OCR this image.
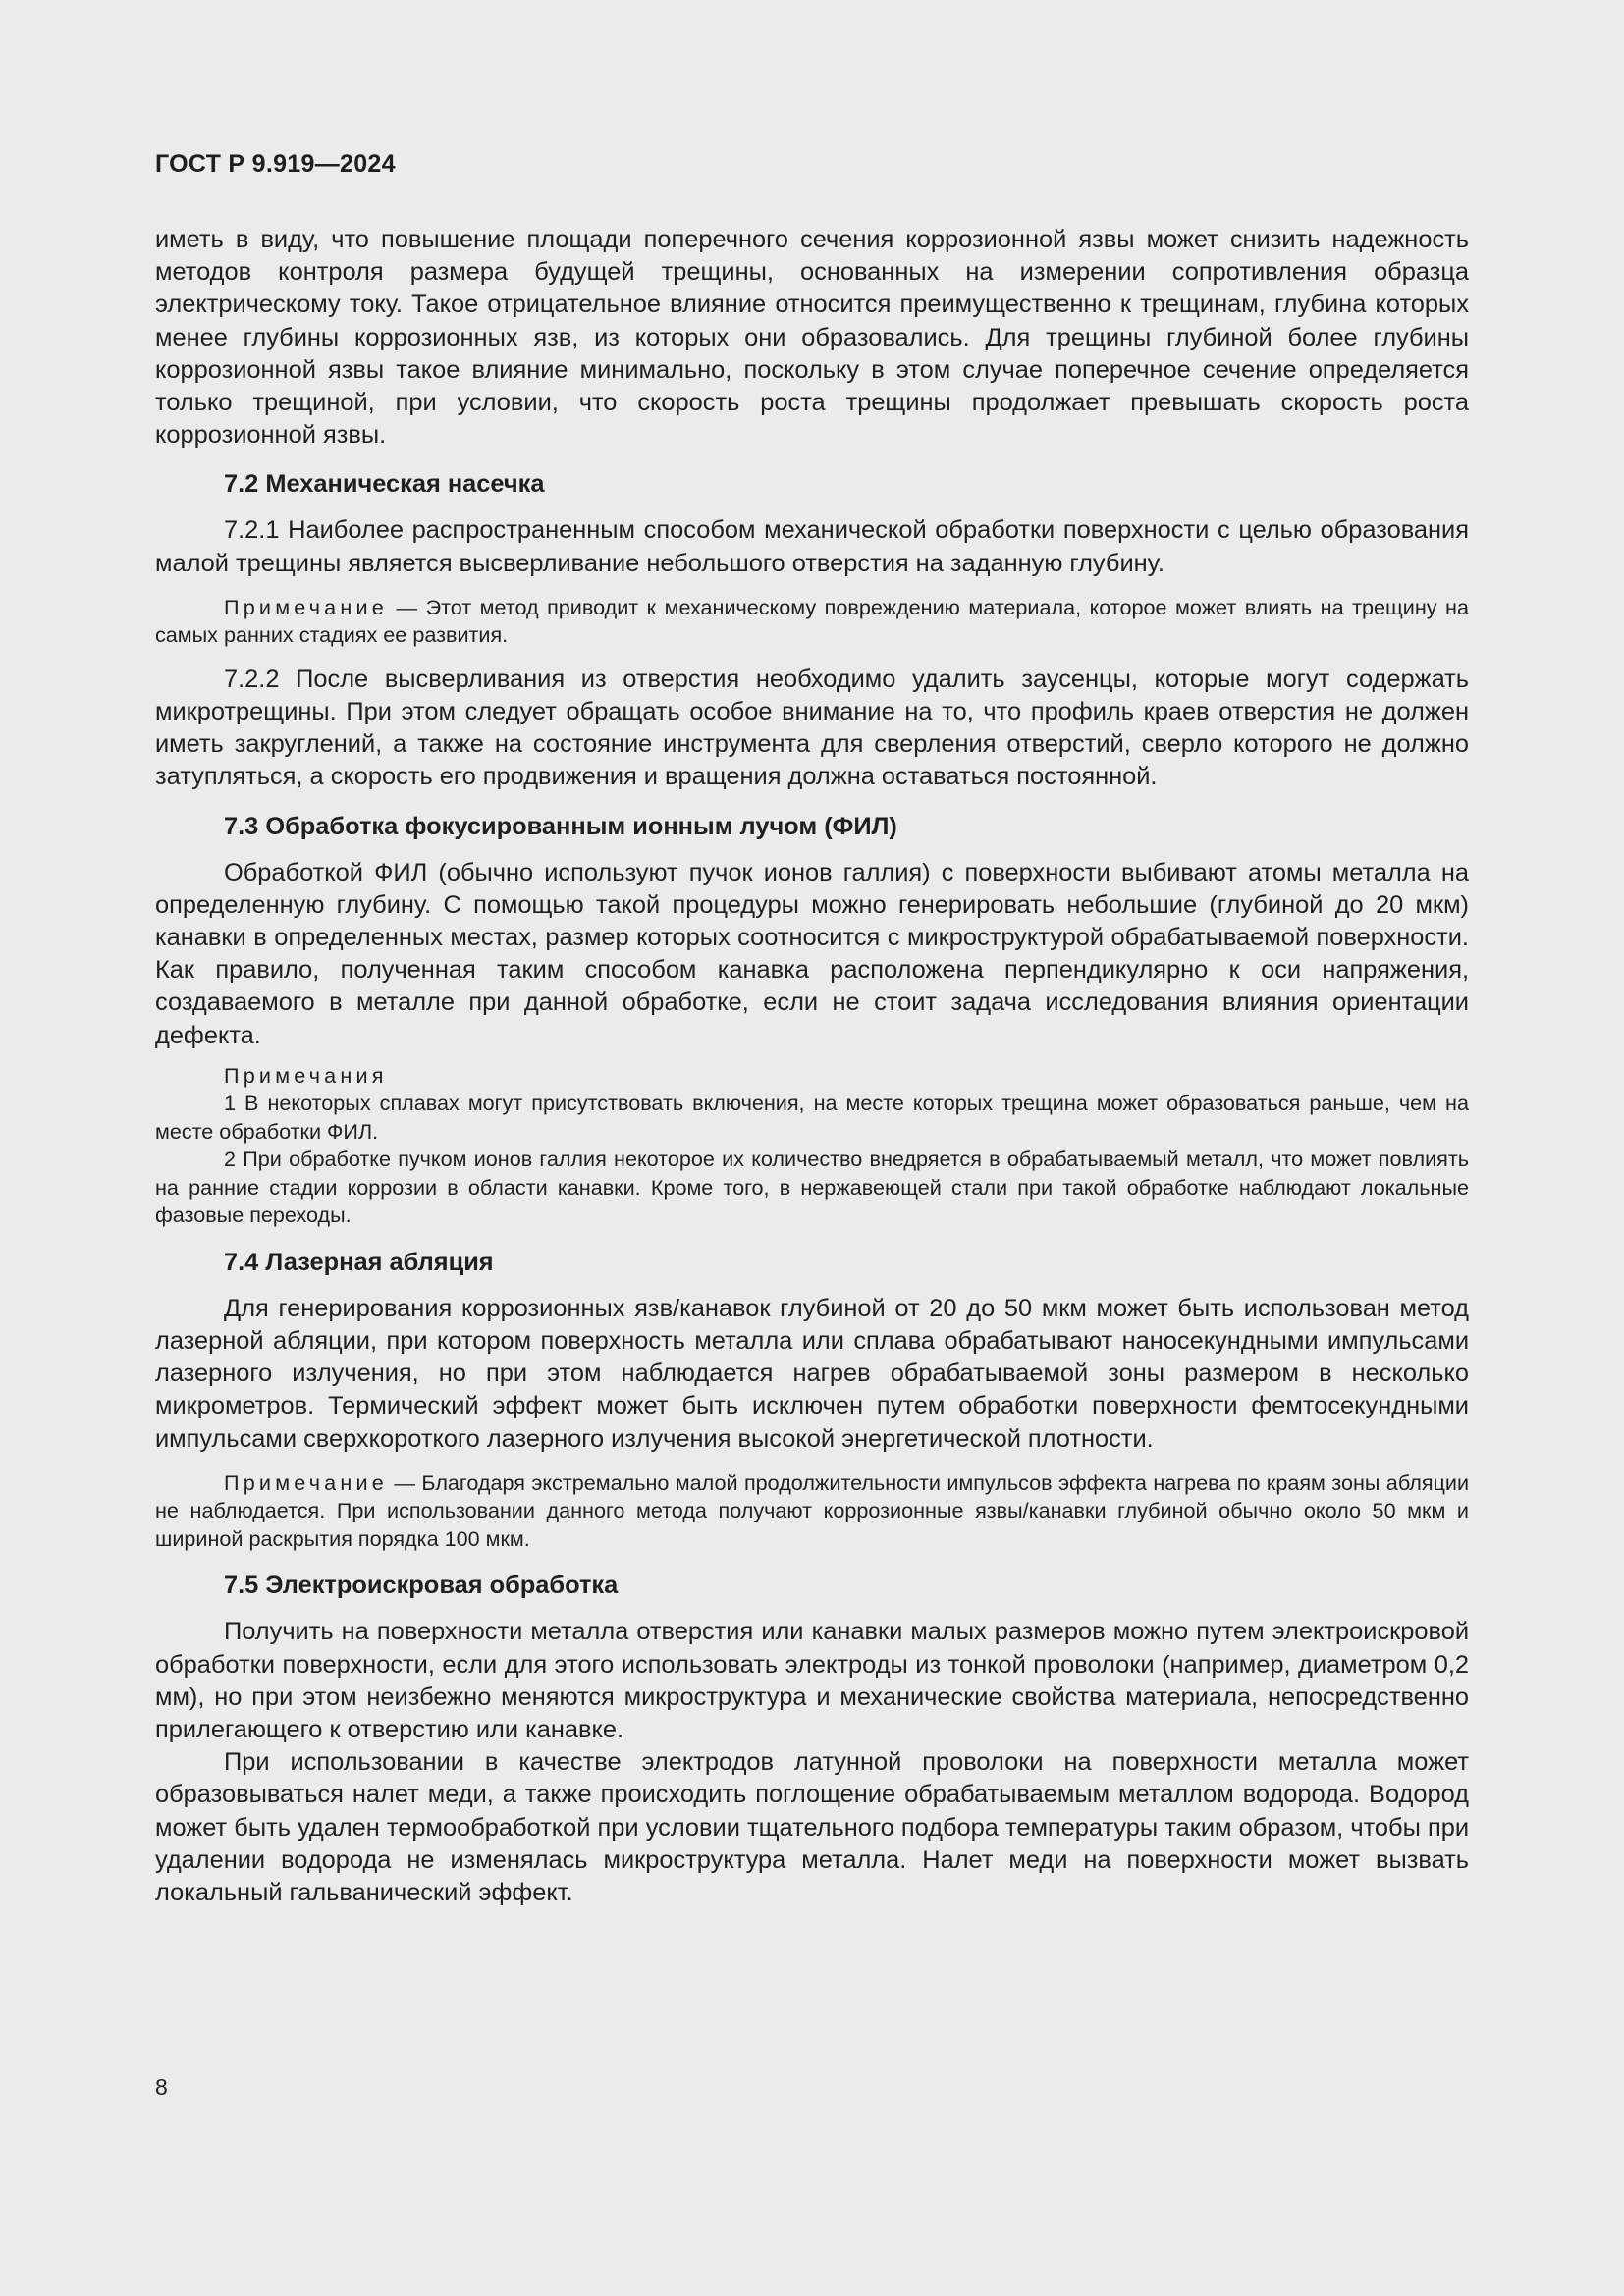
ГОСТ Р 9.919—2024

иметь в виду, что повышение площади поперечного сечения коррозионной язвы может снизить надежность методов контроля размера будущей трещины, основанных на измерении сопротивления образца электрическому току. Такое отрицательное влияние относится преимущественно к трещинам, глубина которых менее глубины коррозионных язв, из которых они образовались. Для трещины глубиной более глубины коррозионной язвы такое влияние минимально, поскольку в этом случае поперечное сечение определяется только трещиной, при условии, что скорость роста трещины продолжает превышать скорость роста коррозионной язвы.

7.2 Механическая насечка

7.2.1 Наиболее распространенным способом механической обработки поверхности с целью образования малой трещины является высверливание небольшого отверстия на заданную глубину.

Примечание — Этот метод приводит к механическому повреждению материала, которое может влиять на трещину на самых ранних стадиях ее развития.

7.2.2 После высверливания из отверстия необходимо удалить заусенцы, которые могут содержать микротрещины. При этом следует обращать особое внимание на то, что профиль краев отверстия не должен иметь закруглений, а также на состояние инструмента для сверления отверстий, сверло которого не должно затупляться, а скорость его продвижения и вращения должна оставаться постоянной.

7.3 Обработка фокусированным ионным лучом (ФИЛ)

Обработкой ФИЛ (обычно используют пучок ионов галлия) с поверхности выбивают атомы металла на определенную глубину. С помощью такой процедуры можно генерировать небольшие (глубиной до 20 мкм) канавки в определенных местах, размер которых соотносится с микроструктурой обрабатываемой поверхности. Как правило, полученная таким способом канавка расположена перпендикулярно к оси напряжения, создаваемого в металле при данной обработке, если не стоит задача исследования влияния ориентации дефекта.

Примечания

1 В некоторых сплавах могут присутствовать включения, на месте которых трещина может образоваться раньше, чем на месте обработки ФИЛ.

2 При обработке пучком ионов галлия некоторое их количество внедряется в обрабатываемый металл, что может повлиять на ранние стадии коррозии в области канавки. Кроме того, в нержавеющей стали при такой обработке наблюдают локальные фазовые переходы.

7.4 Лазерная абляция

Для генерирования коррозионных язв/канавок глубиной от 20 до 50 мкм может быть использован метод лазерной абляции, при котором поверхность металла или сплава обрабатывают наносекундными импульсами лазерного излучения, но при этом наблюдается нагрев обрабатываемой зоны размером в несколько микрометров. Термический эффект может быть исключен путем обработки поверхности фемтосекундными импульсами сверхкороткого лазерного излучения высокой энергетической плотности.

Примечание — Благодаря экстремально малой продолжительности импульсов эффекта нагрева по краям зоны абляции не наблюдается. При использовании данного метода получают коррозионные язвы/канавки глубиной обычно около 50 мкм и шириной раскрытия порядка 100 мкм.

7.5 Электроискровая обработка

Получить на поверхности металла отверстия или канавки малых размеров можно путем электроискровой обработки поверхности, если для этого использовать электроды из тонкой проволоки (например, диаметром 0,2 мм), но при этом неизбежно меняются микроструктура и механические свойства материала, непосредственно прилегающего к отверстию или канавке.

При использовании в качестве электродов латунной проволоки на поверхности металла может образовываться налет меди, а также происходить поглощение обрабатываемым металлом водорода. Водород может быть удален термообработкой при условии тщательного подбора температуры таким образом, чтобы при удалении водорода не изменялась микроструктура металла. Налет меди на поверхности может вызвать локальный гальванический эффект.

8
